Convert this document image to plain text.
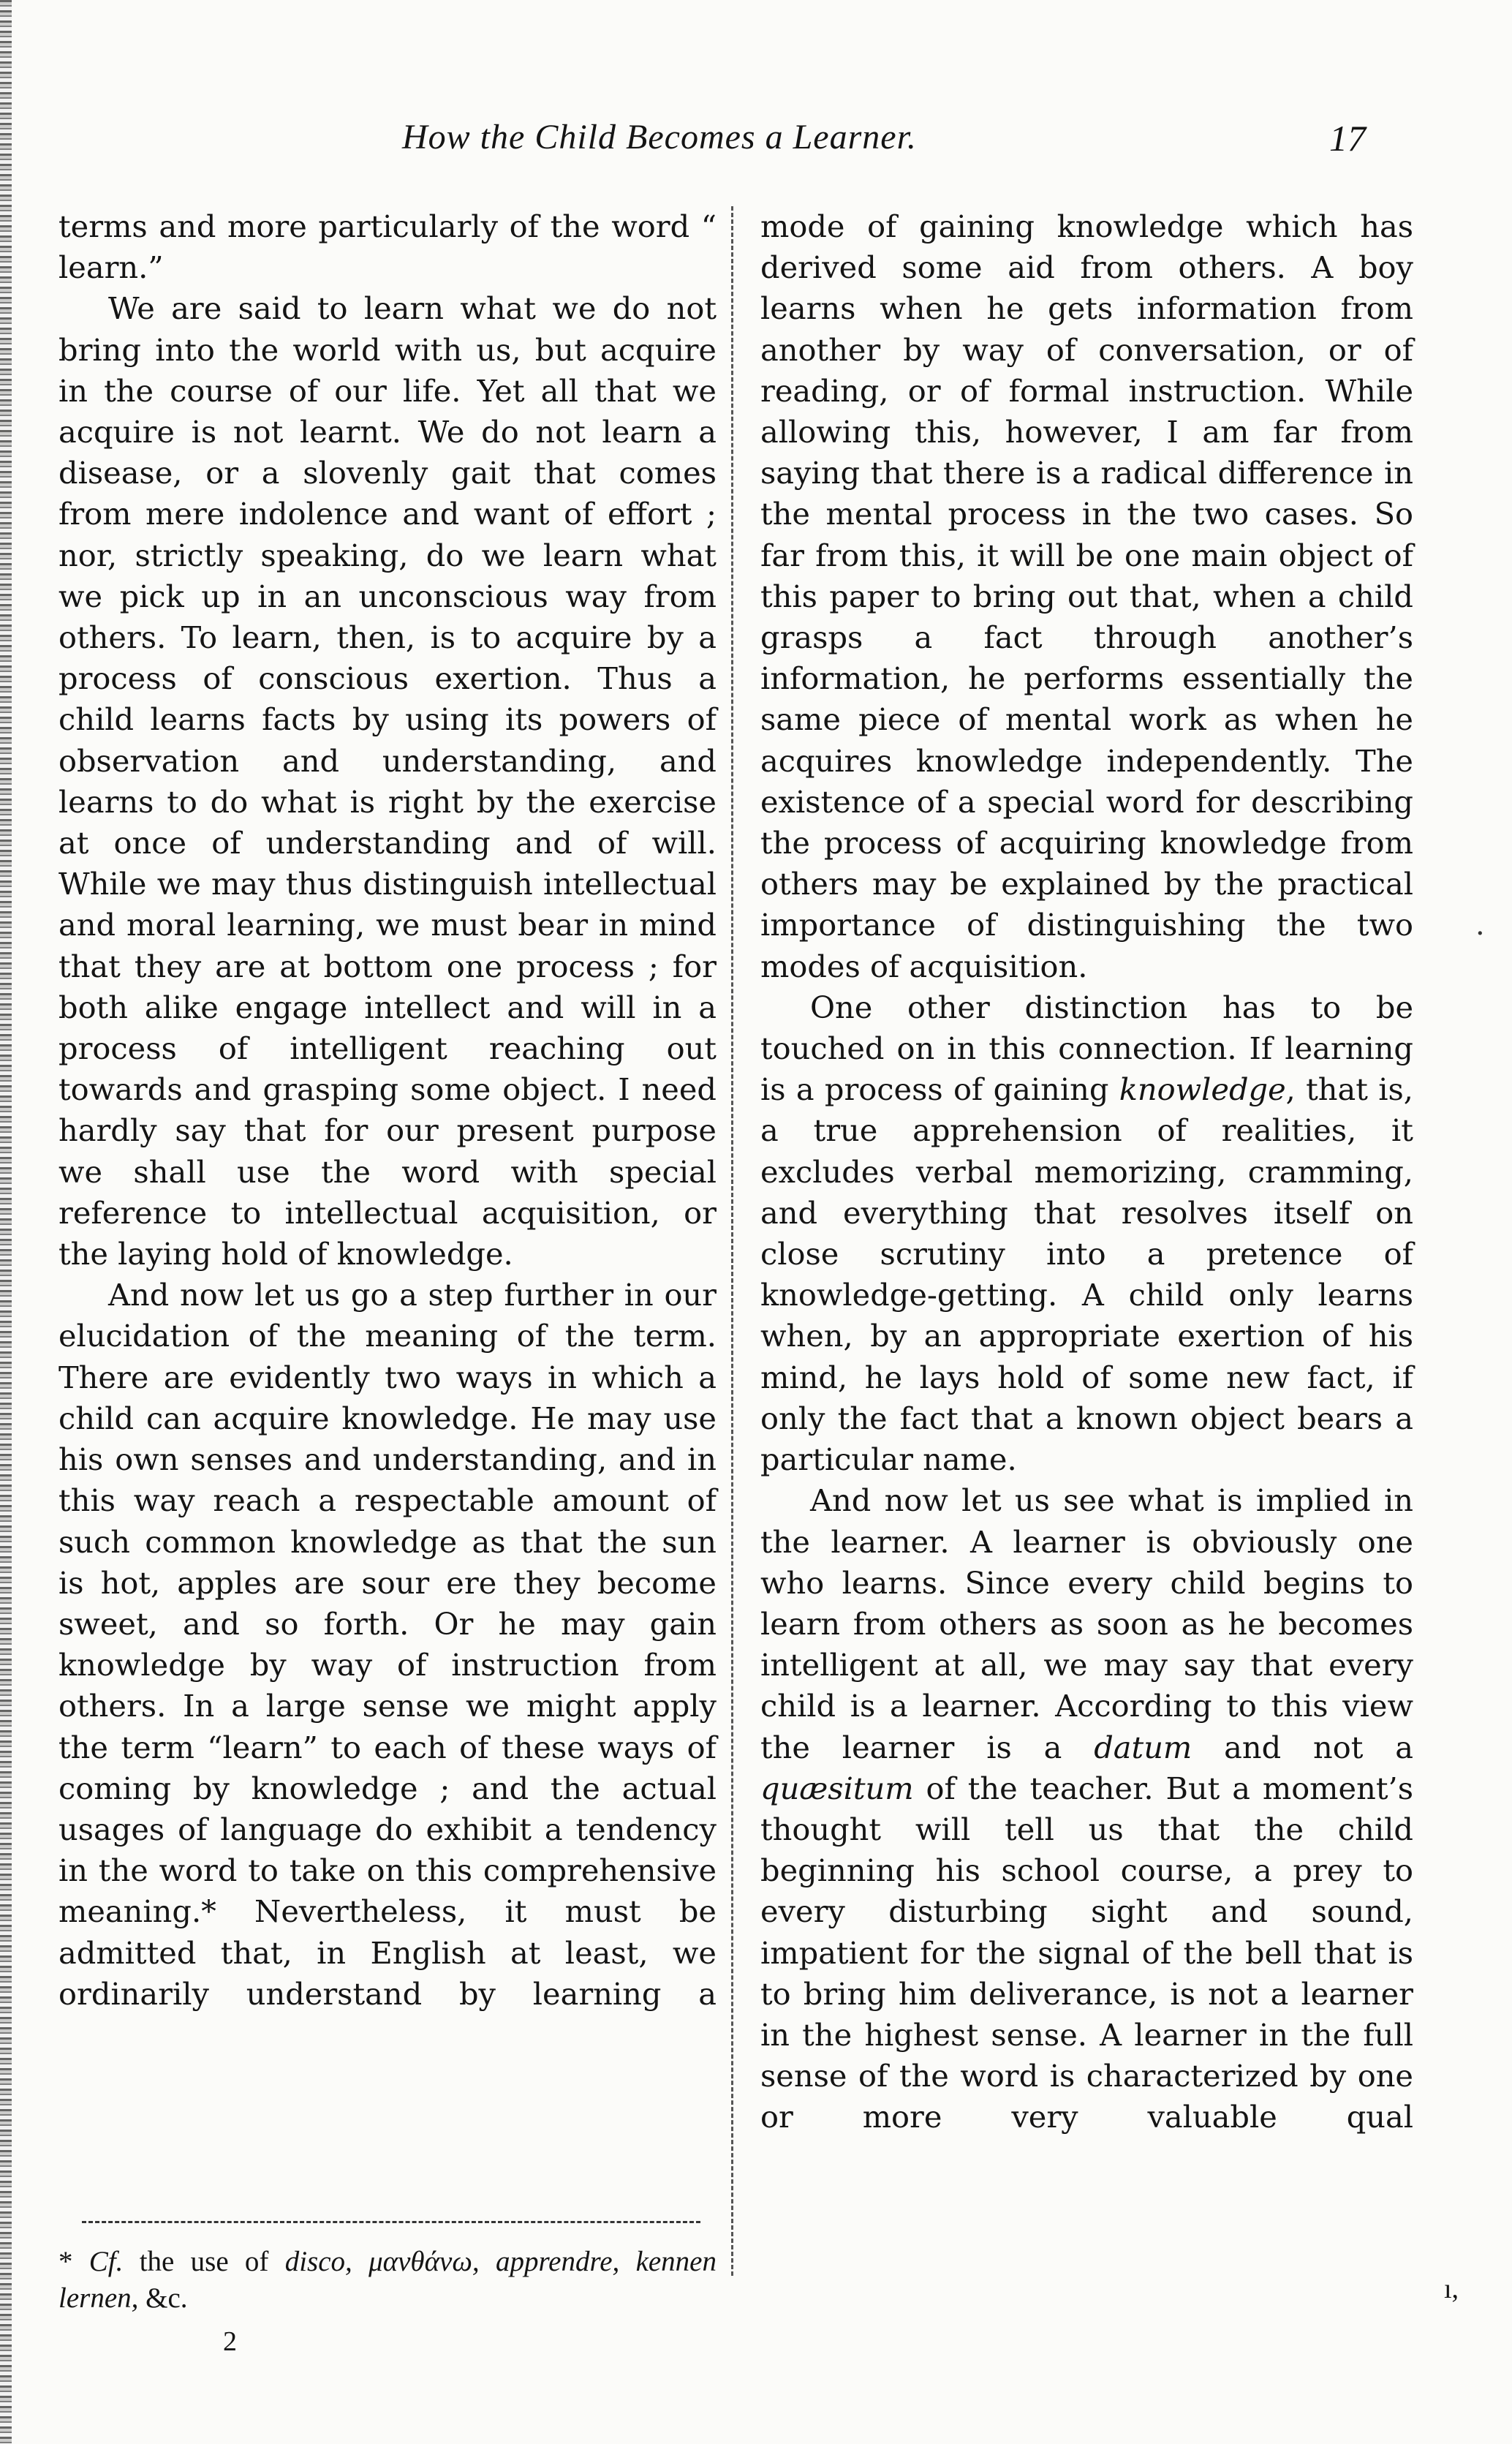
How the Child Becomes a Learner.	17

terms and more particularly of the word “ learn.”

We are said to learn what we do not bring into the world with us, but acquire in the course of our life. Yet all that we acquire is not learnt. We do not learn a disease, or a slovenly gait that comes from mere indolence and want of effort ; nor, strictly speaking, do we learn what we pick up in an unconscious way from others. To learn, then, is to acquire by a process of conscious exertion. Thus a child learns facts by using its powers of observation and understanding, and learns to do what is right by the exercise at once of understanding and of will. While we may thus distinguish intellectual and moral learning, we must bear in mind that they are at bottom one process ; for both alike engage intellect and will in a process of intelligent reaching out towards and grasping some object. I need hardly say that for our present purpose we shall use the word with special reference to intellectual acquisition, or the laying hold of knowledge.

And now let us go a step further in our elucidation of the meaning of the term. There are evidently two ways in which a child can acquire knowledge. He may use his own senses and understanding, and in this way reach a respectable amount of such common knowledge as that the sun is hot, apples are sour ere they become sweet, and so forth. Or he may gain knowledge by way of instruction from others. In a large sense we might apply the term “learn” to each of these ways of coming by knowledge ; and the actual usages of language do exhibit a tendency in the word to take on this comprehensive meaning.* Nevertheless, it must be admitted that, in English at least, we ordinarily understand by learning a

mode of gaining knowledge which has derived some aid from others. A boy learns when he gets information from another by way of conversation, or of reading, or of formal instruction. While allowing this, however, I am far from saying that there is a radical difference in the mental process in the two cases. So far from this, it will be one main object of this paper to bring out that, when a child grasps a fact through another’s information, he performs essentially the same piece of mental work as when he acquires knowledge independently. The existence of a special word for describing the process of acquiring knowledge from others may be explained by the practical importance of distinguishing the two modes of acquisition.

One other distinction has to be touched on in this connection. If learning is a process of gaining knowledge, that is, a true apprehension of realities, it excludes verbal memorizing, cramming, and everything that resolves itself on close scrutiny into a pretence of knowledge-getting. A child only learns when, by an appropriate exertion of his mind, he lays hold of some new fact, if only the fact that a known object bears a particular name.

And now let us see what is implied in the learner. A learner is obviously one who learns. Since every child begins to learn from others as soon as he becomes intelligent at all, we may say that every child is a learner. According to this view the learner is a datum and not a quæsitum of the teacher. But a moment’s thought will tell us that the child beginning his school course, a prey to every disturbing sight and sound, impatient for the signal of the bell that is to bring him deliverance, is not a learner in the highest sense. A learner in the full sense of the word is characterized by one or more very valuable qual

* Cf. the use of disco, μανθάνω, apprendre, kennen lernen, &c.
2
·
ı,
